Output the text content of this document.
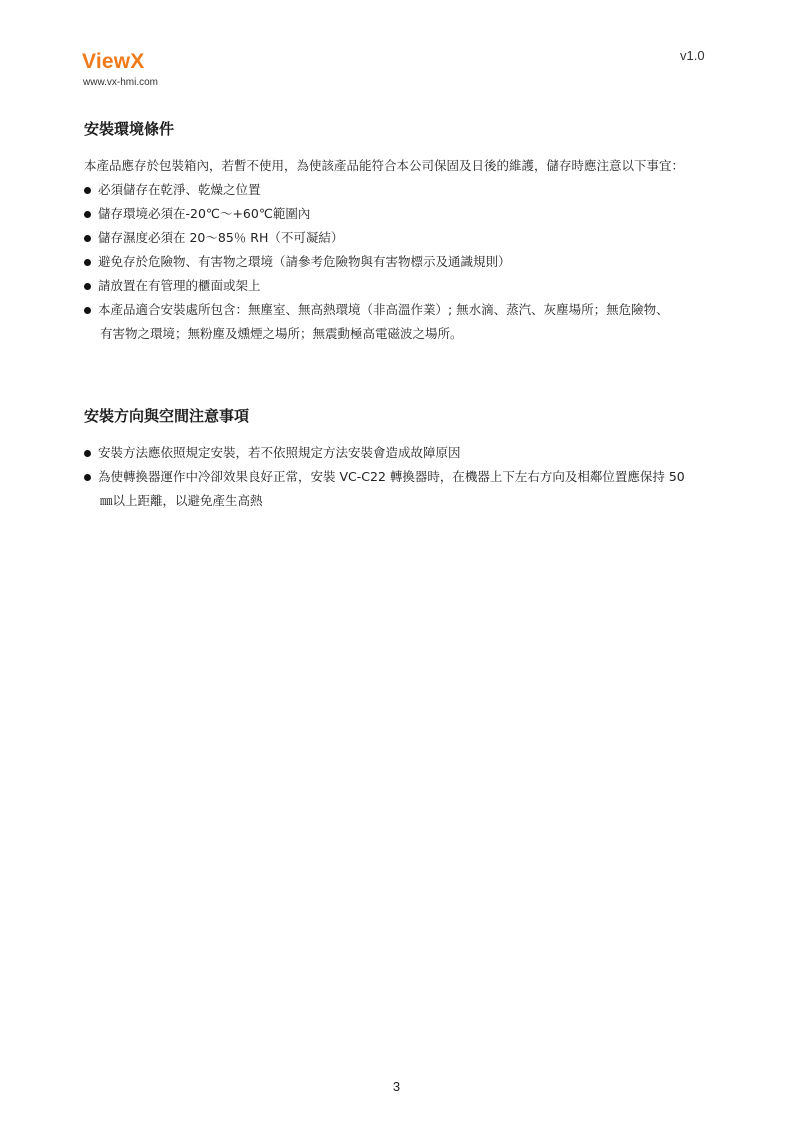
ViewX
www.vx-hmi.com
v1.0
安裝環境條件

本產品應存於包裝箱內，若暫不使用，為使該產品能符合本公司保固及日後的維護，儲存時應注意以下事宜：

必須儲存在乾淨、乾燥之位置
儲存環境必須在-20℃～+60℃範圍內
儲存濕度必須在 20～85％ RH（不可凝結）
避免存於危險物、有害物之環境（請參考危險物與有害物標示及通識規則）
請放置在有管理的櫃面或架上
本產品適合安裝處所包含：無塵室、無高熱環境（非高溫作業）; 無水滴、蒸汽、灰塵場所；無危險物、
有害物之環境；無粉塵及燻煙之場所；無震動極高電磁波之場所。
安裝方向與空間注意事項
安裝方法應依照規定安裝，若不依照規定方法安裝會造成故障原因
為使轉換器運作中冷卻效果良好正常，安裝 VC-C22 轉換器時，在機器上下左右方向及相鄰位置應保持 50
㎜以上距離，以避免產生高熱
3
